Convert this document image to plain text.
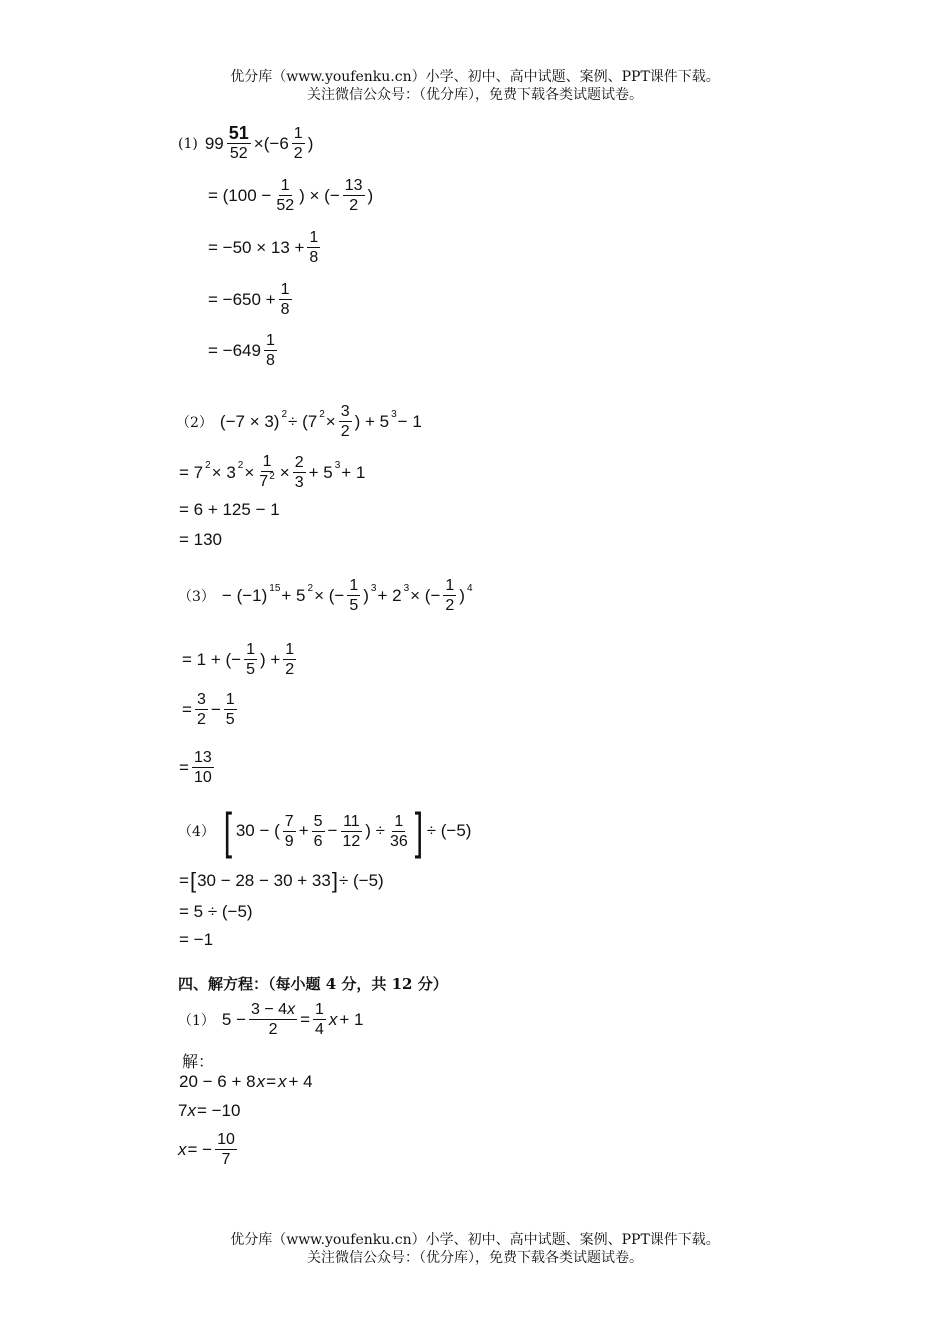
优分库（www.youfenku.cn）小学、初中、高中试题、案例、PPT课件下载。
关注微信公众号：（优分库），免费下载各类试题试卷。
(1) $99 \frac{51}{52} \times(-6$ 1
2
)
= ($100 - \frac{1}{52}$ ) × (− $\frac{13}{2}$ )
= $-50 \times 13 + \frac{1}{8}$
= $-650 + \frac{1}{8}$
= −649 1
8
（2） $(-7 \times 3)^2 \div (7^2 \times \frac{3}{2}$ ) + $5^3 - 1$
= $7^2 \times 3^2 \times \frac{1}{7^2} \times \frac{2}{3} + 5^3 + 1$
= 6 + 125 − 1
= 130
$(3) - (-1)^{15} + 5^2$ × (− $\frac{1}{5} )^3 + 2^3$ × (− $\frac{1}{2} )^4$
= 1 + (− $\frac{1}{5}$ ) + $\frac{1}{2}$
= $\frac{3}{2} - \frac{1}{5}$
= $\frac{13}{10}$
（4） [ 30 − ( 7
9
+ $\frac{5}{6} - \frac{11}{12}$ ) ÷ $\frac{1}{36}$ ] ÷ (−5)
= [ 30 − 28 − 30 + 33 ] ÷ (−5)
= 5 ÷ (−5)
= −1
四、解方程：（每小题 4 分，共 12 分）
（1） $5 - \frac{3 - 4x}{2} = \frac{1}{4}$ x + 1
解：
20 − 6 + 8 x = x + 4
7 x = −10
x = − $\frac{10}{7}$
优分库（www.youfenku.cn）小学、初中、高中试题、案例、PPT课件下载。
关注微信公众号：（优分库），免费下载各类试题试卷。
